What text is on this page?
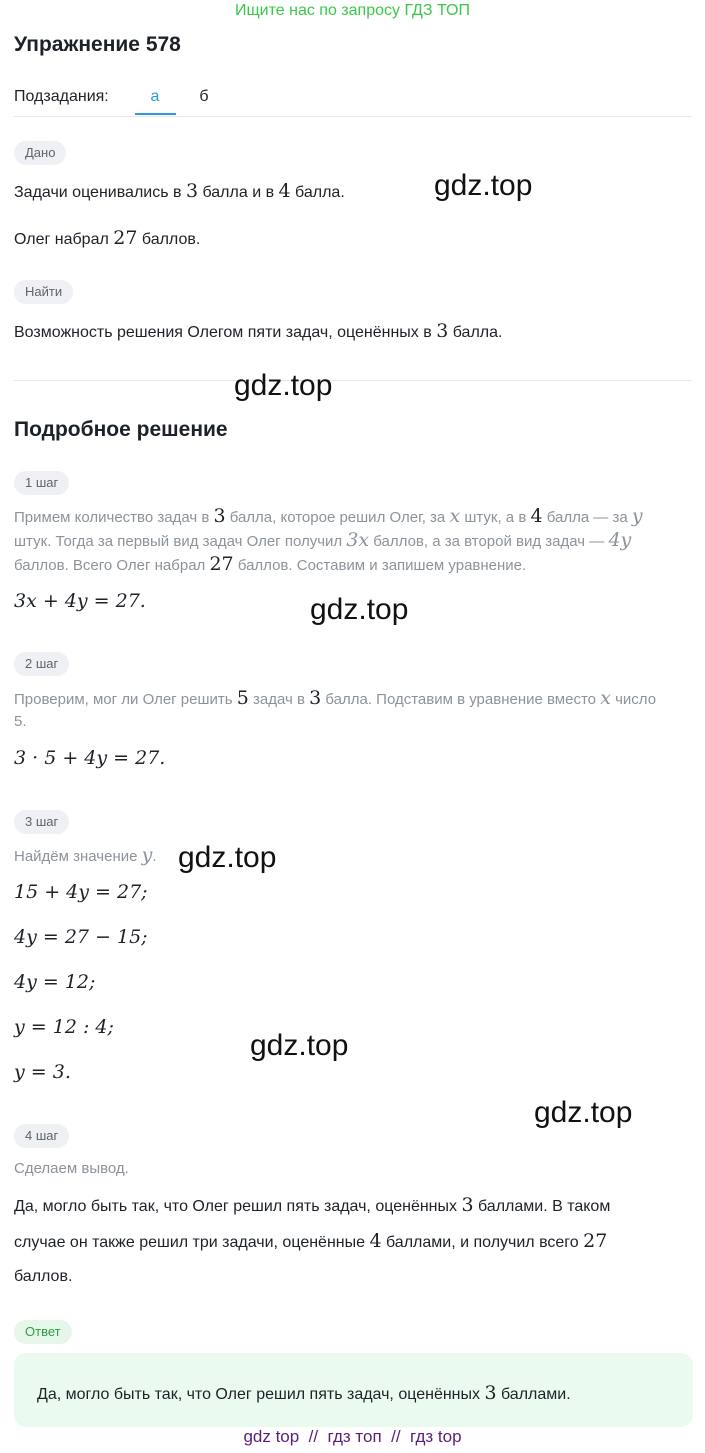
Ищите нас по запросу ГДЗ ТОП
Упражнение 578
Подзадания:	а	б
Дано
Задачи оценивались в 3 балла и в 4 балла.
Олег набрал 27 баллов.
Найти
Возможность решения Олегом пяти задач, оценённых в 3 балла.
Подробное решение
1 шаг
Примем количество задач в 3 балла, которое решил Олег, за x штук, а в 4 балла — за y
штук. Тогда за первый вид задач Олег получил 3x баллов, а за второй вид задач — 4y
баллов. Всего Олег набрал 27 баллов. Составим и запишем уравнение.
3x + 4y = 27.
2 шаг
Проверим, мог ли Олег решить 5 задач в 3 балла. Подставим в уравнение вместо x число
5.
3 · 5 + 4y = 27.
3 шаг
Найдём значение y.
15 + 4y = 27;
4y = 27 − 15;
4y = 12;
y = 12 : 4;
y = 3.
4 шаг
Сделаем вывод.
Да, могло быть так, что Олег решил пять задач, оценённых 3 баллами. В таком
случае он также решил три задачи, оценённые 4 баллами, и получил всего 27
баллов.
Ответ
Да, могло быть так, что Олег решил пять задач, оценённых 3 баллами.
gdz.top
gdz.top
gdz.top
gdz.top
gdz.top
gdz.top
gdz top  //  гдз топ  //  гдз top
